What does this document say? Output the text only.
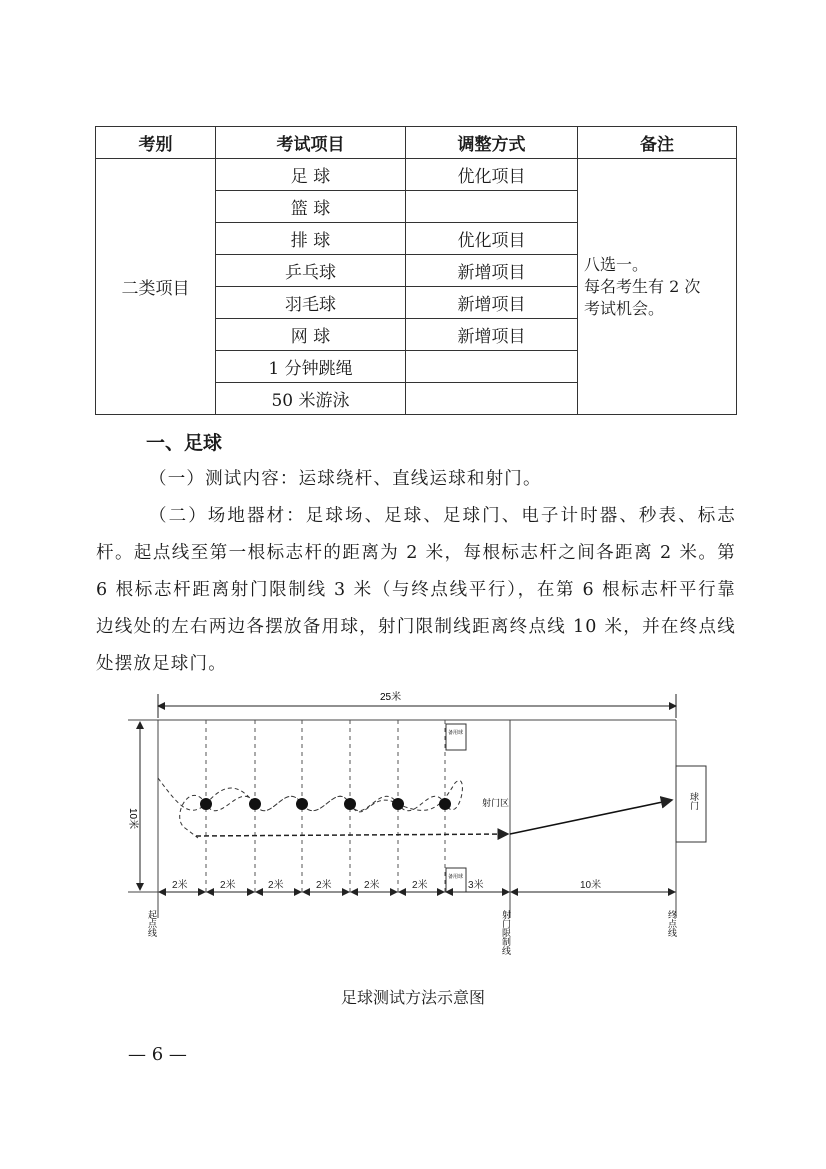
考别	考试项目	调整方式	备注
二类项目	足 球	优化项目	八选一。
每名考生有 2 次
考试机会。

	篮 球		
	排 球	优化项目	
	乒乓球	新增项目	
	羽毛球	新增项目	
	网 球	新增项目	
	1 分钟跳绳		
	50 米游泳		
一、足球

（一）测试内容：运球绕杆、直线运球和射门。

（二）场地器材：足球场、足球、足球门、电子计时器、秒表、标志杆。起点线至第一根标志杆的距离为 2 米，每根标志杆之间各距离 2 米。第 6 根标志杆距离射门限制线 3 米（与终点线平行），在第 6 根标志杆平行靠边线处的左右两边各摆放备用球，射门限制线距离终点线 10 米，并在终点线处摆放足球门。

25米
10米
射门区
备用球
备用球
球门
2米	2米	2米	2米	2米	2米	3米	10米
起点线	射门限制线	终点线
足球测试方法示意图
— 6 —
